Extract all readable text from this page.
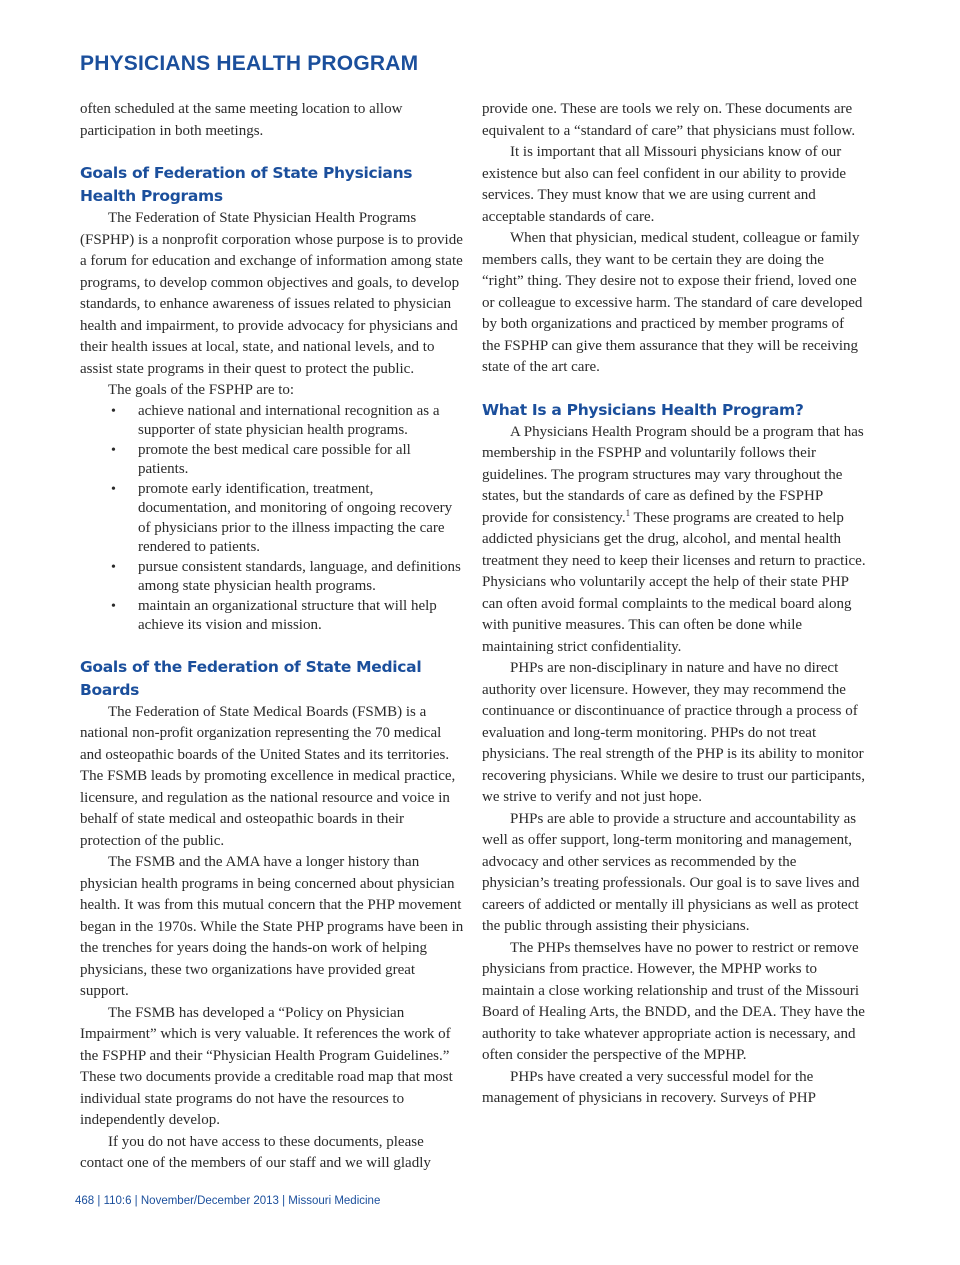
PHYSICIANS HEALTH PROGRAM

often scheduled at the same meeting location to allow participation in both meetings.

Goals of Federation of State Physicians Health Programs

The Federation of State Physician Health Programs (FSPHP) is a nonprofit corporation whose purpose is to provide a forum for education and exchange of information among state programs, to develop common objectives and goals, to develop standards, to enhance awareness of issues related to physician health and impairment, to provide advocacy for physicians and their health issues at local, state, and national levels, and to assist state programs in their quest to protect the public.

The goals of the FSPHP are to:

• achieve national and international recognition as a supporter of state physician health programs.
• promote the best medical care possible for all patients.
• promote early identification, treatment, documentation, and monitoring of ongoing recovery of physicians prior to the illness impacting the care rendered to patients.
• pursue consistent standards, language, and definitions among state physician health programs.
• maintain an organizational structure that will help achieve its vision and mission.
Goals of the Federation of State Medical Boards

The Federation of State Medical Boards (FSMB) is a national non-profit organization representing the 70 medical and osteopathic boards of the United States and its territories. The FSMB leads by promoting excellence in medical practice, licensure, and regulation as the national resource and voice in behalf of state medical and osteopathic boards in their protection of the public.

The FSMB and the AMA have a longer history than physician health programs in being concerned about physician health. It was from this mutual concern that the PHP movement began in the 1970s. While the State PHP programs have been in the trenches for years doing the hands-on work of helping physicians, these two organizations have provided great support.

The FSMB has developed a “Policy on Physician Impairment” which is very valuable. It references the work of the FSPHP and their “Physician Health Program Guidelines.” These two documents provide a creditable road map that most individual state programs do not have the resources to independently develop.

If you do not have access to these documents, please contact one of the members of our staff and we will gladly

provide one. These are tools we rely on. These documents are equivalent to a “standard of care” that physicians must follow.

It is important that all Missouri physicians know of our existence but also can feel confident in our ability to provide services. They must know that we are using current and acceptable standards of care.

When that physician, medical student, colleague or family members calls, they want to be certain they are doing the “right” thing. They desire not to expose their friend, loved one or colleague to excessive harm. The standard of care developed by both organizations and practiced by member programs of the FSPHP can give them assurance that they will be receiving state of the art care.

What Is a Physicians Health Program?

A Physicians Health Program should be a program that has membership in the FSPHP and voluntarily follows their guidelines. The program structures may vary throughout the states, but the standards of care as defined by the FSPHP provide for consistency.$^1$ These programs are created to help addicted physicians get the drug, alcohol, and mental health treatment they need to keep their licenses and return to practice. Physicians who voluntarily accept the help of their state PHP can often avoid formal complaints to the medical board along with punitive measures. This can often be done while maintaining strict confidentiality.

PHPs are non-disciplinary in nature and have no direct authority over licensure. However, they may recommend the continuance or discontinuance of practice through a process of evaluation and long-term monitoring. PHPs do not treat physicians. The real strength of the PHP is its ability to monitor recovering physicians. While we desire to trust our participants, we strive to verify and not just hope.

PHPs are able to provide a structure and accountability as well as offer support, long-term monitoring and management, advocacy and other services as recommended by the physician’s treating professionals. Our goal is to save lives and careers of addicted or mentally ill physicians as well as protect the public through assisting their physicians.

The PHPs themselves have no power to restrict or remove physicians from practice. However, the MPHP works to maintain a close working relationship and trust of the Missouri Board of Healing Arts, the BNDD, and the DEA. They have the authority to take whatever appropriate action is necessary, and often consider the perspective of the MPHP.

PHPs have created a very successful model for the management of physicians in recovery. Surveys of PHP

468 | 110:6 | November/December 2013 | Missouri Medicine
